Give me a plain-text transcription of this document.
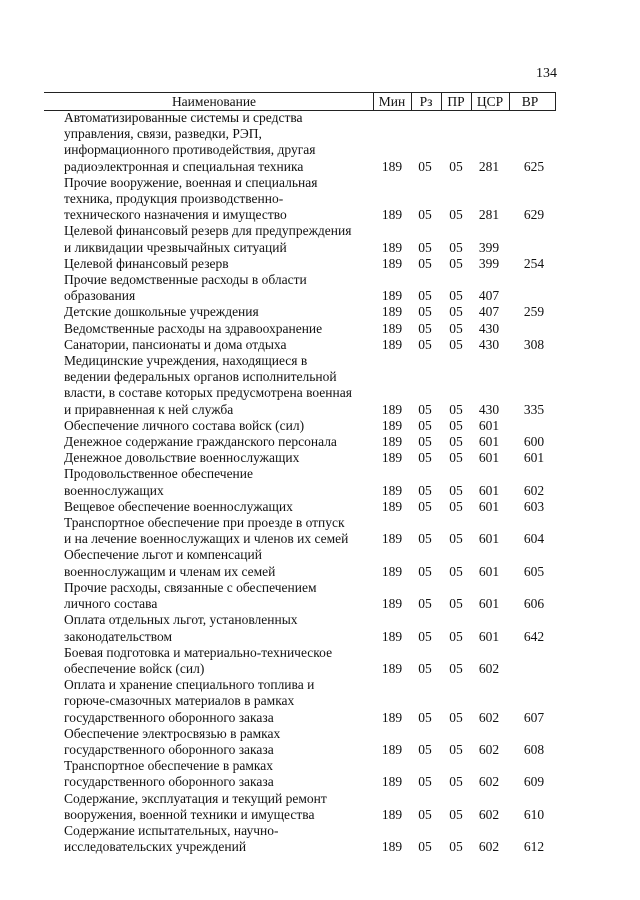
134
Наименование	Мин	Рз	ПР ЦСР	ВР
Автоматизированные системы и средства
управления, связи, разведки, РЭП,
информационного противодействия, другая
радиоэлектронная и специальная техника	189	05	05	281	625
Прочие вооружение, военная и специальная
техника, продукция производственно-
технического назначения и имущество	189	05	05	281	629
Целевой финансовый резерв для предупреждения
и ликвидации чрезвычайных ситуаций	189	05	05	399
Целевой финансовый резерв	189	05	05	399	254
Прочие ведомственные расходы в области
образования	189	05	05	407
Детские дошкольные учреждения	189	05	05	407	259
Ведомственные расходы на здравоохранение	189	05	05	430
Санатории, пансионаты и дома отдыха	189	05	05	430	308
Медицинские учреждения, находящиеся в
ведении федеральных органов исполнительной
власти, в составе которых предусмотрена военная
и приравненная к ней служба	189	05	05	430	335
Обеспечение личного состава войск (сил)	189	05	05	601
Денежное содержание гражданского персонала	189	05	05	601	600
Денежное довольствие военнослужащих	189	05	05	601	601
Продовольственное обеспечение
военнослужащих	189	05	05	601	602
Вещевое обеспечение военнослужащих	189	05	05	601	603
Транспортное обеспечение при проезде в отпуск
и на лечение военнослужащих и членов их семей	189	05	05	601	604
Обеспечение льгот и компенсаций
военнослужащим и членам их семей	189	05	05	601	605
Прочие расходы, связанные с обеспечением
личного состава	189	05	05	601	606
Оплата отдельных льгот, установленных
законодательством	189	05	05	601	642
Боевая подготовка и материально-техническое
обеспечение войск (сил)	189	05	05	602
Оплата и хранение специального топлива и
горюче-смазочных материалов в рамках
государственного оборонного заказа	189	05	05	602	607
Обеспечение электросвязью в рамках
государственного оборонного заказа	189	05	05	602	608
Транспортное обеспечение в рамках
государственного оборонного заказа	189	05	05	602	609
Содержание, эксплуатация и текущий ремонт
вооружения, военной техники и имущества	189	05	05	602	610
Содержание испытательных, научно-
исследовательских учреждений	189	05	05	602	612
